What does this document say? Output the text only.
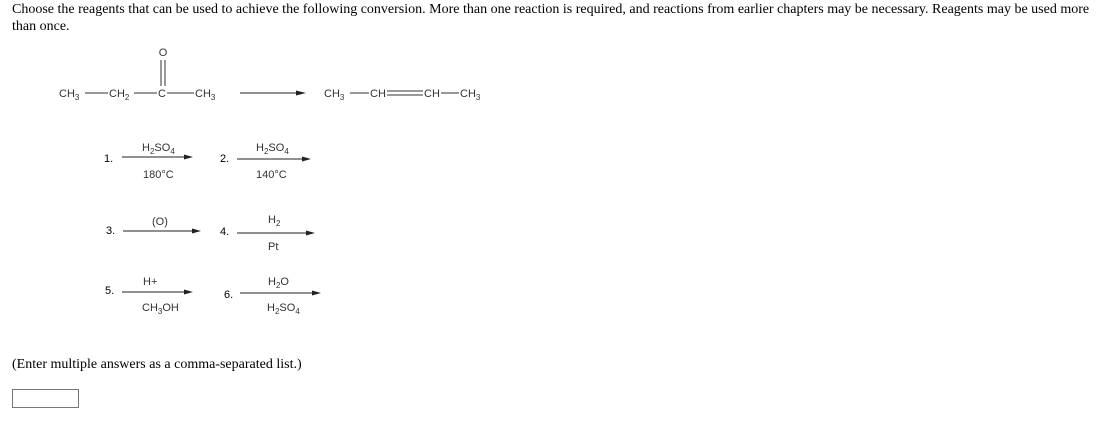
Choose the reagents that can be used to achieve the following conversion. More than one reaction is required, and reactions from earlier chapters may be necessary. Reagents may be used more than once.
$CH_3$	$CH_2$	C
O
$CH_3$	$CH_3$ CH	CH $CH_3$
1.
$H_2SO_4$
180°C
2.
$H_2SO_4$
140°C
3.
(O)
4.
$H_2$
Pt
5.
H+
$CH_3OH$
6.
$H_2O$
$H_2SO_4$
(Enter multiple answers as a comma-separated list.)
